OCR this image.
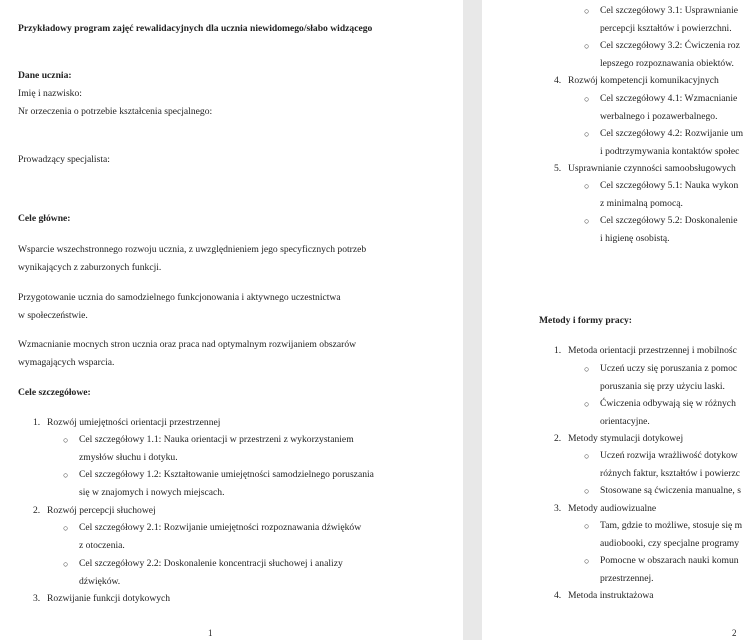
Przykładowy program zajęć rewalidacyjnych dla ucznia niewidomego/słabo widzącego
Dane ucznia:
Imię i nazwisko:
Nr orzeczenia o potrzebie kształcenia specjalnego:
Prowadzący specjalista:
Cele główne:
Wsparcie wszechstronnego rozwoju ucznia, z uwzględnieniem jego specyficznych potrzeb
wynikających z zaburzonych funkcji.
Przygotowanie ucznia do samodzielnego funkcjonowania i aktywnego uczestnictwa
w społeczeństwie.
Wzmacnianie mocnych stron ucznia oraz praca nad optymalnym rozwijaniem obszarów
wymagających wsparcia.
Cele szczegółowe:
1. Rozwój umiejętności orientacji przestrzennej
○ Cel szczegółowy 1.1: Nauka orientacji w przestrzeni z wykorzystaniem
zmysłów słuchu i dotyku.
○ Cel szczegółowy 1.2: Kształtowanie umiejętności samodzielnego poruszania
się w znajomych i nowych miejscach.
2. Rozwój percepcji słuchowej
○ Cel szczegółowy 2.1: Rozwijanie umiejętności rozpoznawania dźwięków
z otoczenia.
○ Cel szczegółowy 2.2: Doskonalenie koncentracji słuchowej i analizy
dźwięków.
3. Rozwijanie funkcji dotykowych
1
○ Cel szczegółowy 3.1: Usprawnianie
percepcji kształtów i powierzchni.
○ Cel szczegółowy 3.2: Ćwiczenia roz
lepszego rozpoznawania obiektów.
4. Rozwój kompetencji komunikacyjnych
○ Cel szczegółowy 4.1: Wzmacnianie
werbalnego i pozawerbalnego.
○ Cel szczegółowy 4.2: Rozwijanie um
i podtrzymywania kontaktów społec
5. Usprawnianie czynności samoobsługowych
○ Cel szczegółowy 5.1: Nauka wykon
z minimalną pomocą.
○ Cel szczegółowy 5.2: Doskonalenie
i higienę osobistą.
Metody i formy pracy:
1. Metoda orientacji przestrzennej i mobilnośc
○ Uczeń uczy się poruszania z pomoc
poruszania się przy użyciu laski.
○ Ćwiczenia odbywają się w różnych
orientacyjne.
2. Metody stymulacji dotykowej
○ Uczeń rozwija wrażliwość dotykow
różnych faktur, kształtów i powierzc
○ Stosowane są ćwiczenia manualne, s
3. Metody audiowizualne
○ Tam, gdzie to możliwe, stosuje się m
audiobooki, czy specjalne programy
○ Pomocne w obszarach nauki komun
przestrzennej.
4. Metoda instruktażowa
2
